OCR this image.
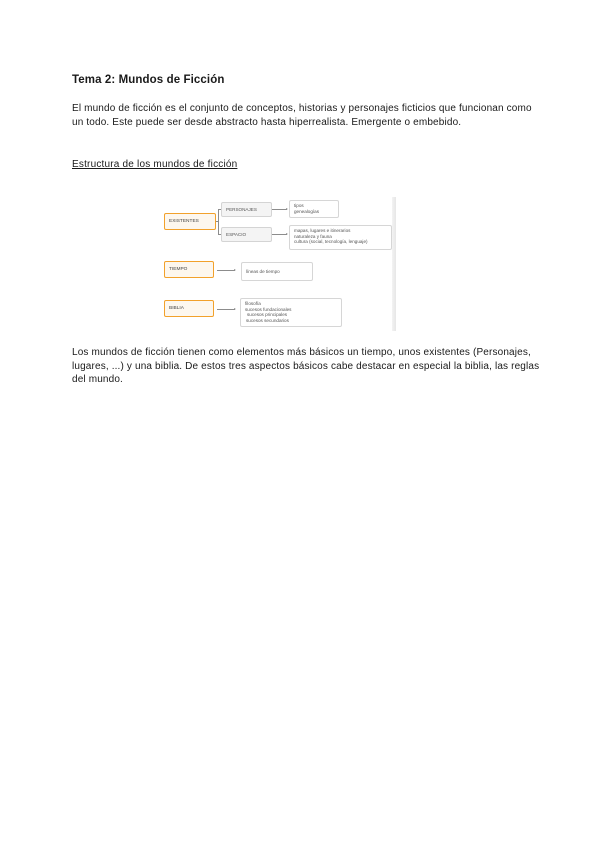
Tema 2: Mundos de Ficción
El mundo de ficción es el conjunto de conceptos, historias y personajes ficticios que funcionan como un todo. Este puede ser desde abstracto hasta hiperrealista. Emergente o embebido.
Estructura de los mundos de ficción
EXISTENTES
PERSONAJES
tipos
genealogías
ESPACIO
mapas, lugares e itinerarios
naturaleza y fauna
cultura (social, tecnología, lenguaje)
TIEMPO	líneas de tiempo
BIBLIA
filosofía
sucesos fundacionales
sucesos principales
sucesos secundarios
Los mundos de ficción tienen como elementos más básicos un tiempo, unos existentes (Personajes, lugares, ...) y una biblia. De estos tres aspectos básicos cabe destacar en especial la biblia, las reglas del mundo.
